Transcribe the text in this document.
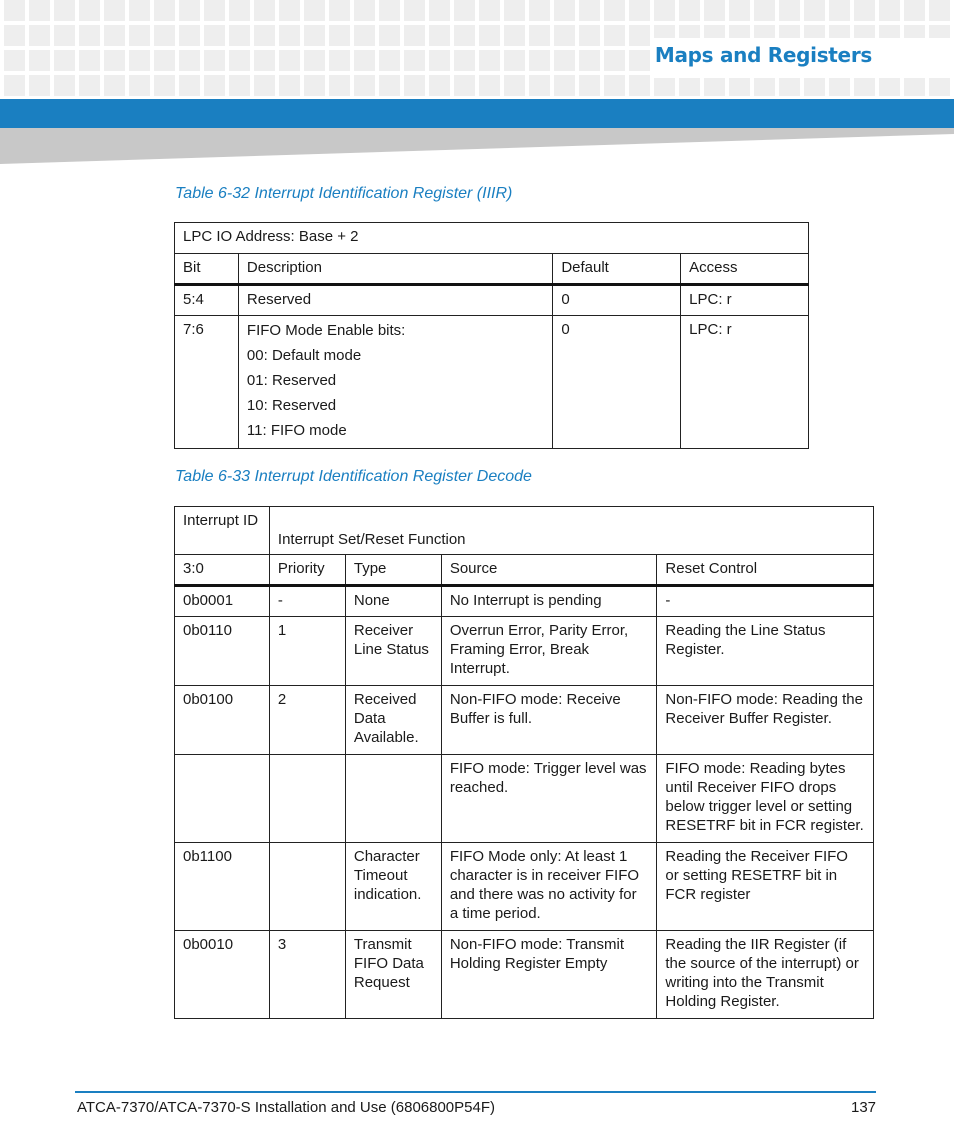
Maps and Registers
Table 6-32 Interrupt Identification Register (IIIR)
LPC IO Address: Base + 2			
Bit	Description	Default	Access
5:4	Reserved	0	LPC: r
7:6	FIFO Mode Enable bits:
00: Default mode
01: Reserved
10: Reserved
11: FIFO mode	0	LPC: r
Table 6-33 Interrupt Identification Register Decode
Interrupt ID	Interrupt Set/Reset Function			
3:0	Priority	Type	Source	Reset Control
0b0001	-	None	No Interrupt is pending	-
0b0110	1	Receiver Line Status	Overrun Error, Parity Error, Framing Error, Break Interrupt.	Reading the Line Status Register.
0b0100	2	Received Data Available.	Non-FIFO mode: Receive Buffer is full.	Non-FIFO mode: Reading the Receiver Buffer Register.
			FIFO mode: Trigger level was reached.	FIFO mode: Reading bytes until Receiver FIFO drops below trigger level or setting RESETRF bit in FCR register.
0b1100		Character Timeout indication.	FIFO Mode only: At least 1 character is in receiver FIFO and there was no activity for a time period.	Reading the Receiver FIFO or setting RESETRF bit in FCR register
0b0010	3	Transmit FIFO Data Request	Non-FIFO mode: Transmit Holding Register Empty	Reading the IIR Register (if the source of the interrupt) or writing into the Transmit Holding Register.
ATCA-7370/ATCA-7370-S Installation and Use (6806800P54F)	137
